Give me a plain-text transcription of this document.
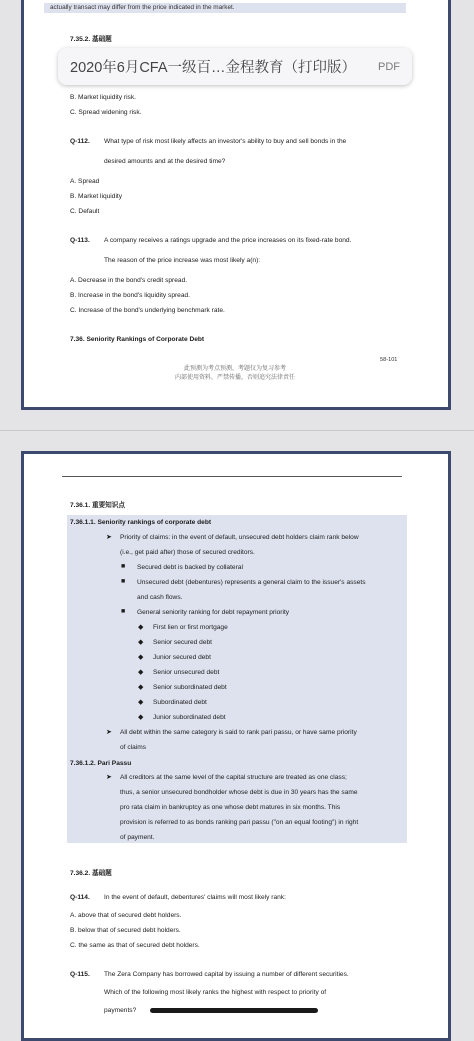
actually transact may differ from the price indicated in the market.
7.35.2. 基础题
2020年6月CFA一级百…金程教育（打印版）	PDF
B. Market liquidity risk.
C. Spread widening risk.
Q-112. What type of risk most likely affects an investor's ability to buy and sell bonds in the
desired amounts and at the desired time?
A. Spread
B. Market liquidity
C. Default
Q-113. A company receives a ratings upgrade and the price increases on its fixed-rate bond.
The reason of the price increase was most likely a(n):
A. Decrease in the bond's credit spread.
B. Increase in the bond's liquidity spread.
C. Increase of the bond's underlying benchmark rate.
7.36. Seniority Rankings of Corporate Debt
58-101
此预测为考点预测，考题仅为复习参考
内部使用资料，严禁传播，否则追究法律责任
7.36.1. 重要知识点
7.36.1.1. Seniority rankings of corporate debt
➤ Priority of claims: in the event of default, unsecured debt holders claim rank below
(i.e., get paid after) those of secured creditors.
■ Secured debt is backed by collateral
■ Unsecured debt (debentures) represents a general claim to the issuer's assets
and cash flows.
■ General seniority ranking for debt repayment priority
◆ First lien or first mortgage
◆ Senior secured debt
◆ Junior secured debt
◆ Senior unsecured debt
◆ Senior subordinated debt
◆ Subordinated debt
◆ Junior subordinated debt
➤ All debt within the same category is said to rank pari passu, or have same priority
of claims
7.36.1.2. Pari Passu
➤ All creditors at the same level of the capital structure are treated as one class;
thus, a senior unsecured bondholder whose debt is due in 30 years has the same
pro rata claim in bankruptcy as one whose debt matures in six months. This
provision is referred to as bonds ranking pari passu ("on an equal footing") in right
of payment.
7.36.2. 基础题
Q-114. In the event of default, debentures' claims will most likely rank:
A. above that of secured debt holders.
B. below that of secured debt holders.
C. the same as that of secured debt holders.
Q-115. The Zera Company has borrowed capital by issuing a number of different securities.
Which of the following most likely ranks the highest with respect to priority of
payments?
